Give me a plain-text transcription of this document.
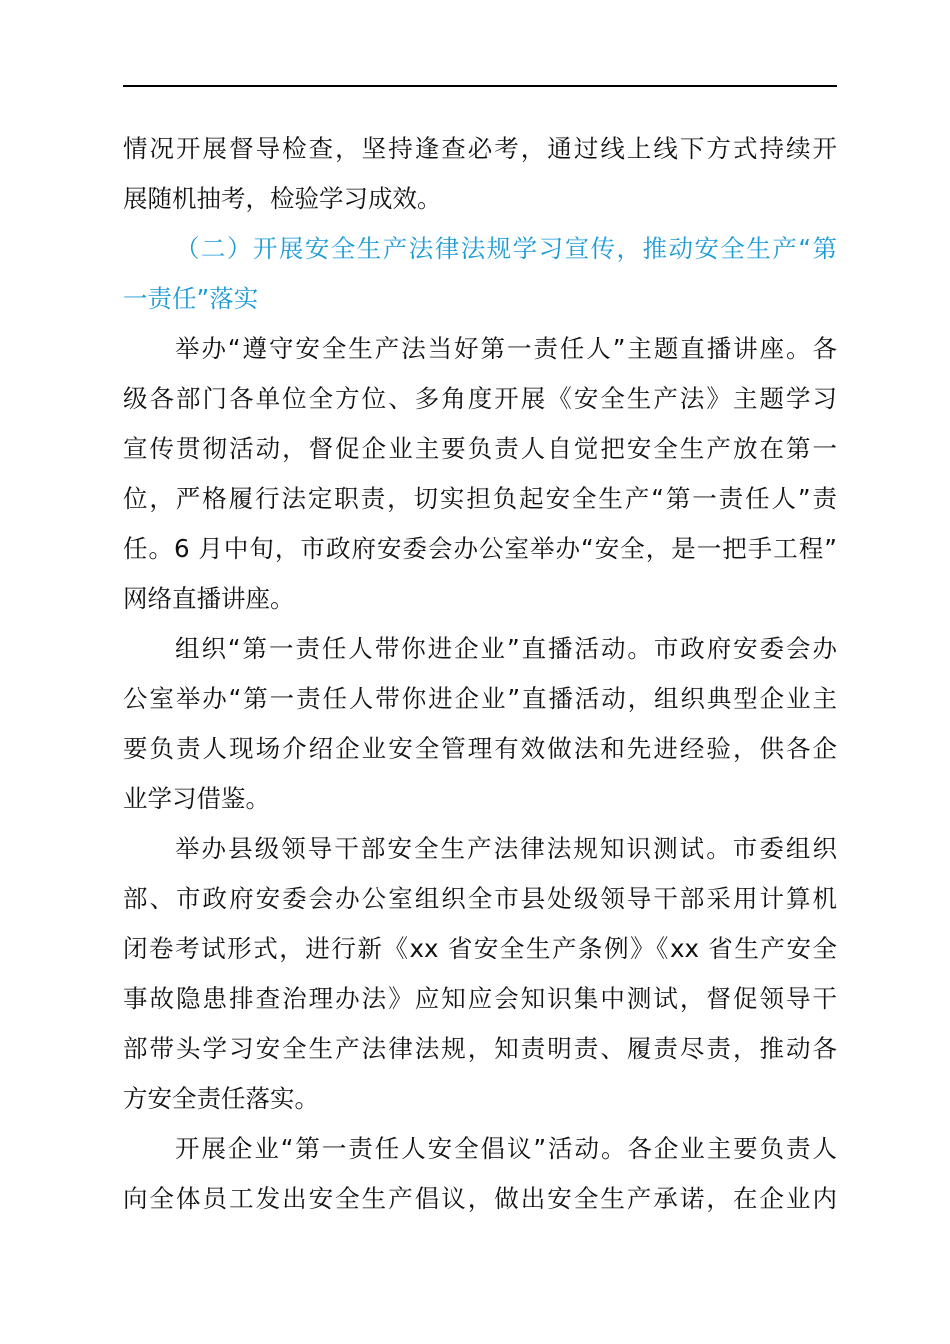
情况开展督导检查，坚持逢查必考，通过线上线下方式持续开
展随机抽考，检验学习成效。
（二）开展安全生产法律法规学习宣传，推动安全生产“第
一责任”落实
举办“遵守安全生产法当好第一责任人”主题直播讲座。各
级各部门各单位全方位、多角度开展《安全生产法》主题学习
宣传贯彻活动，督促企业主要负责人自觉把安全生产放在第一
位，严格履行法定职责，切实担负起安全生产“第一责任人”责
任。6 月中旬，市政府安委会办公室举办“安全，是一把手工程”
网络直播讲座。
组织“第一责任人带你进企业”直播活动。市政府安委会办
公室举办“第一责任人带你进企业”直播活动，组织典型企业主
要负责人现场介绍企业安全管理有效做法和先进经验，供各企
业学习借鉴。
举办县级领导干部安全生产法律法规知识测试。市委组织
部、市政府安委会办公室组织全市县处级领导干部采用计算机
闭卷考试形式，进行新《xx 省安全生产条例》《xx 省生产安全
事故隐患排查治理办法》应知应会知识集中测试，督促领导干
部带头学习安全生产法律法规，知责明责、履责尽责，推动各
方安全责任落实。
开展企业“第一责任人安全倡议”活动。各企业主要负责人
向全体员工发出安全生产倡议，做出安全生产承诺，在企业内
